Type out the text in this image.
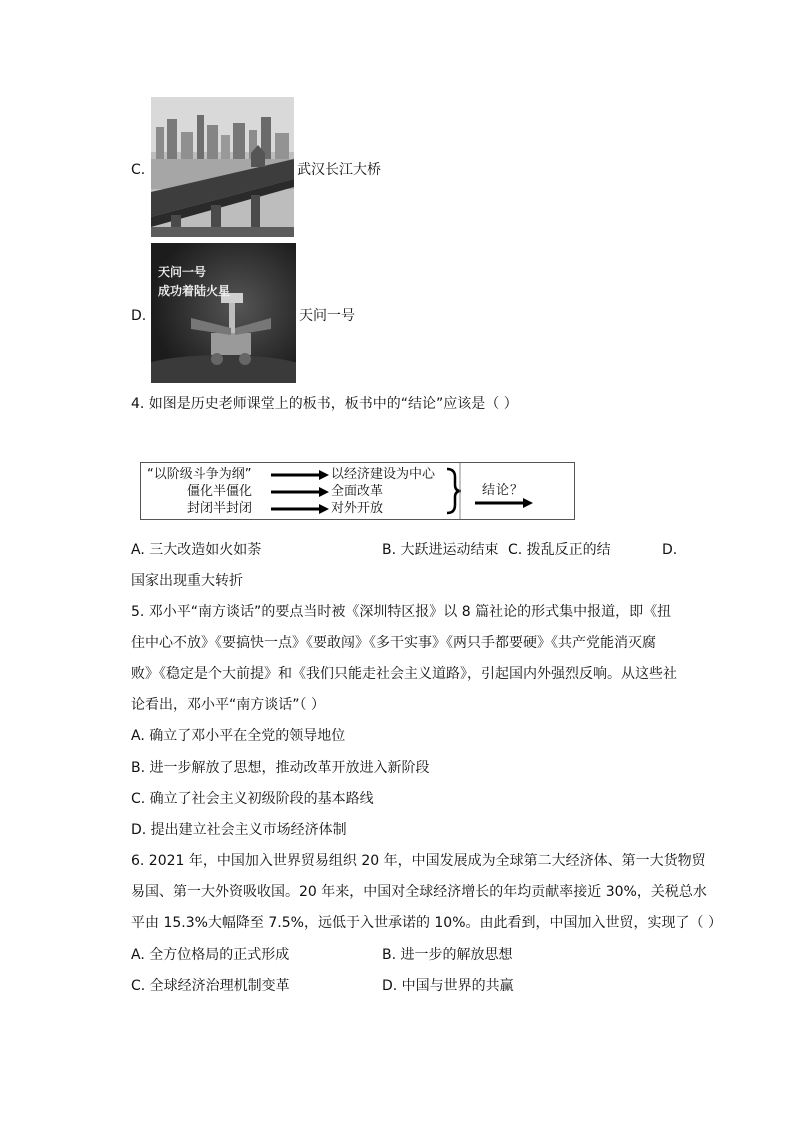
C.	武汉长江大桥
D.
天问一号
成功着陆火星
天问一号
4. 如图是历史老师课堂上的板书，板书中的“结论”应该是（ ）
“以阶级斗争为纲”
僵化半僵化
封闭半封闭
以经济建设为中心
全面改革
对外开放
结论？
A. 三大改造如火如荼	B. 大跃进运动结束 C. 拨乱反正的结	D.
国家出现重大转折
5. 邓小平“南方谈话”的要点当时被《深圳特区报》以 8 篇社论的形式集中报道，即《扭
住中心不放》《要搞快一点》《要敢闯》《多干实事》《两只手都要硬》《共产党能消灭腐
败》《稳定是个大前提》和《我们只能走社会主义道路》，引起国内外强烈反响。从这些社
论看出，邓小平“南方谈话”（ ）
A. 确立了邓小平在全党的领导地位
B. 进一步解放了思想，推动改革开放进入新阶段
C. 确立了社会主义初级阶段的基本路线
D. 提出建立社会主义市场经济体制
6. 2021 年，中国加入世界贸易组织 20 年，中国发展成为全球第二大经济体、第一大货物贸
易国、第一大外资吸收国。20 年来，中国对全球经济增长的年均贡献率接近 30%，关税总水
平由 15.3%大幅降至 7.5%，远低于入世承诺的 10%。由此看到，中国加入世贸，实现了（ ）
A. 全方位格局的正式形成	B. 进一步的解放思想
C. 全球经济治理机制变革	D. 中国与世界的共赢
